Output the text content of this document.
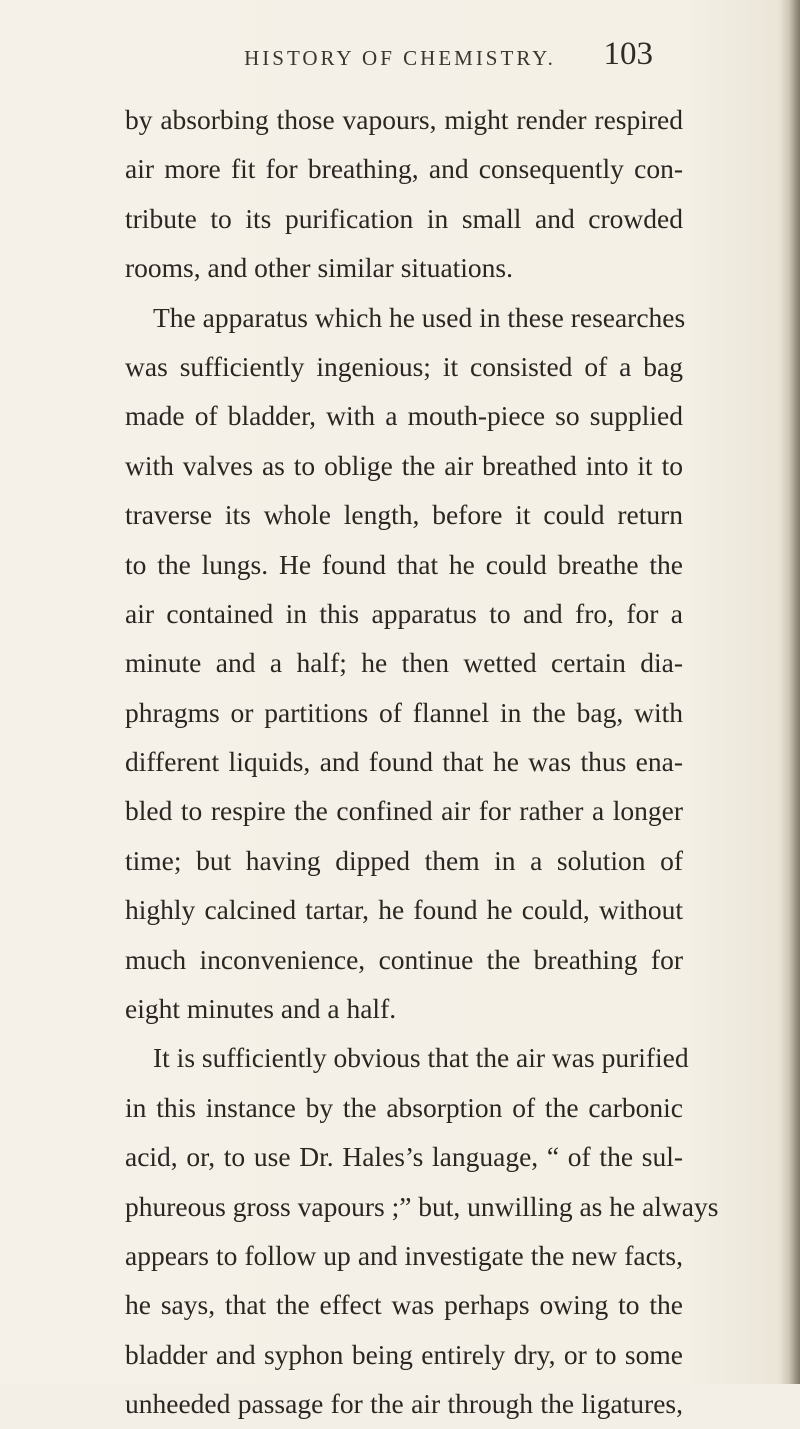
HISTORY OF CHEMISTRY.	103
by absorbing those vapours, might render respired
air more fit for breathing, and consequently con-
tribute to its purification in small and crowded
rooms, and other similar situations.
The apparatus which he used in these researches
was sufficiently ingenious; it consisted of a bag
made of bladder, with a mouth-piece so supplied
with valves as to oblige the air breathed into it to
traverse its whole length, before it could return
to the lungs. He found that he could breathe the
air contained in this apparatus to and fro, for a
minute and a half; he then wetted certain dia-
phragms or partitions of flannel in the bag, with
different liquids, and found that he was thus ena-
bled to respire the confined air for rather a longer
time; but having dipped them in a solution of
highly calcined tartar, he found he could, without
much inconvenience, continue the breathing for
eight minutes and a half.
It is sufficiently obvious that the air was purified
in this instance by the absorption of the carbonic
acid, or, to use Dr. Hales’s language, “ of the sul-
phureous gross vapours ;” but, unwilling as he always
appears to follow up and investigate the new facts,
he says, that the effect was perhaps owing to the
bladder and syphon being entirely dry, or to some
unheeded passage for the air through the ligatures,
